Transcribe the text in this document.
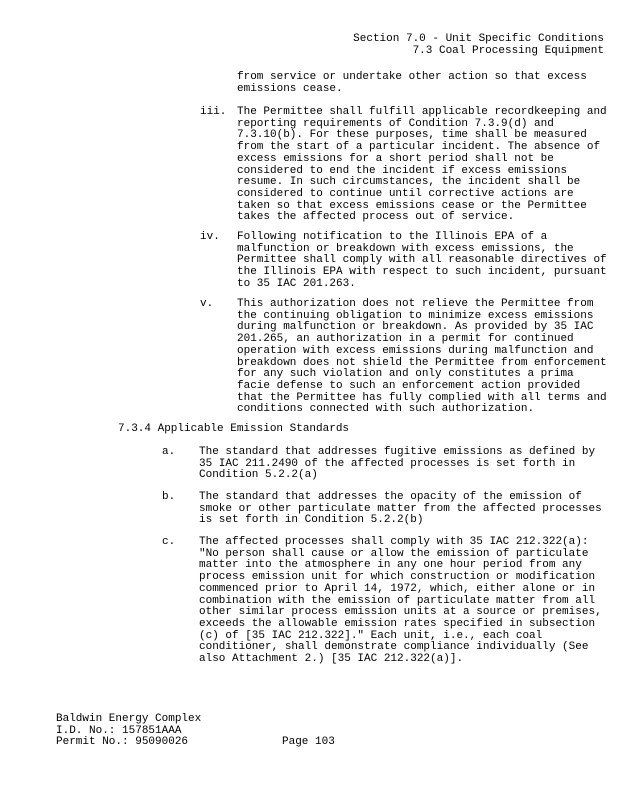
Section 7.0 - Unit Specific Conditions
7.3 Coal Processing Equipment
from service or undertake other action so that excess
emissions cease.
iii. The Permittee shall fulfill applicable recordkeeping and
reporting requirements of Condition 7.3.9(d) and
7.3.10(b). For these purposes, time shall be measured
from the start of a particular incident. The absence of
excess emissions for a short period shall not be
considered to end the incident if excess emissions
resume. In such circumstances, the incident shall be
considered to continue until corrective actions are
taken so that excess emissions cease or the Permittee
takes the affected process out of service.
iv. Following notification to the Illinois EPA of a
malfunction or breakdown with excess emissions, the
Permittee shall comply with all reasonable directives of
the Illinois EPA with respect to such incident, pursuant
to 35 IAC 201.263.
v. This authorization does not relieve the Permittee from
the continuing obligation to minimize excess emissions
during malfunction or breakdown. As provided by 35 IAC
201.265, an authorization in a permit for continued
operation with excess emissions during malfunction and
breakdown does not shield the Permittee from enforcement
for any such violation and only constitutes a prima
facie defense to such an enforcement action provided
that the Permittee has fully complied with all terms and
conditions connected with such authorization.
7.3.4 Applicable Emission Standards
a. The standard that addresses fugitive emissions as defined by
35 IAC 211.2490 of the affected processes is set forth in
Condition 5.2.2(a)
b. The standard that addresses the opacity of the emission of
smoke or other particulate matter from the affected processes
is set forth in Condition 5.2.2(b)
c. The affected processes shall comply with 35 IAC 212.322(a):
"No person shall cause or allow the emission of particulate
matter into the atmosphere in any one hour period from any
process emission unit for which construction or modification
commenced prior to April 14, 1972, which, either alone or in
combination with the emission of particulate matter from all
other similar process emission units at a source or premises,
exceeds the allowable emission rates specified in subsection
(c) of [35 IAC 212.322]." Each unit, i.e., each coal
conditioner, shall demonstrate compliance individually (See
also Attachment 2.) [35 IAC 212.322(a)].
Baldwin Energy Complex
I.D. No.: 157851AAA
Permit No.: 95090026	Page 103
